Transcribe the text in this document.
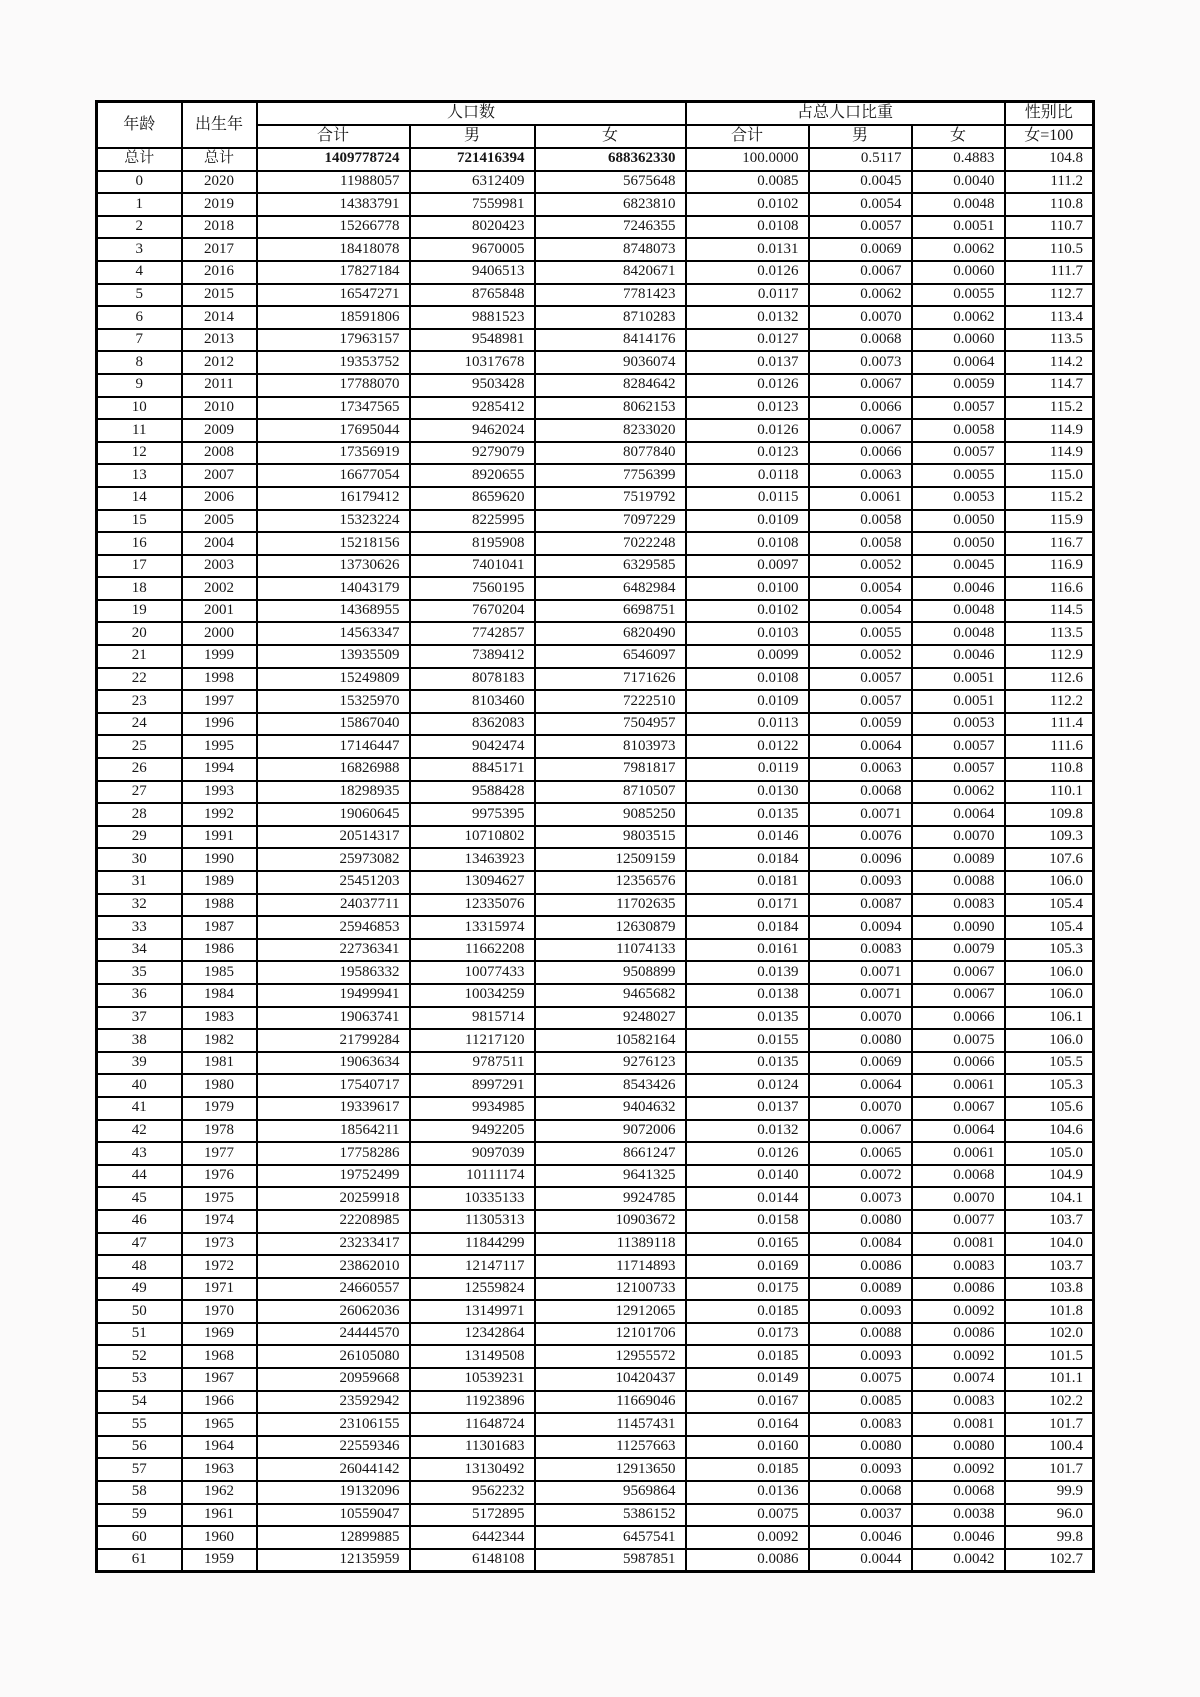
年龄	出生年	人口数			占总人口比重			性别比
		合计	男	女	合计	男	女	女=100
总计	总计	1409778724	721416394	688362330	100.0000	0.5117	0.4883	104.8
0	2020	11988057	6312409	5675648	0.0085	0.0045	0.0040	111.2
1	2019	14383791	7559981	6823810	0.0102	0.0054	0.0048	110.8
2	2018	15266778	8020423	7246355	0.0108	0.0057	0.0051	110.7
3	2017	18418078	9670005	8748073	0.0131	0.0069	0.0062	110.5
4	2016	17827184	9406513	8420671	0.0126	0.0067	0.0060	111.7
5	2015	16547271	8765848	7781423	0.0117	0.0062	0.0055	112.7
6	2014	18591806	9881523	8710283	0.0132	0.0070	0.0062	113.4
7	2013	17963157	9548981	8414176	0.0127	0.0068	0.0060	113.5
8	2012	19353752	10317678	9036074	0.0137	0.0073	0.0064	114.2
9	2011	17788070	9503428	8284642	0.0126	0.0067	0.0059	114.7
10	2010	17347565	9285412	8062153	0.0123	0.0066	0.0057	115.2
11	2009	17695044	9462024	8233020	0.0126	0.0067	0.0058	114.9
12	2008	17356919	9279079	8077840	0.0123	0.0066	0.0057	114.9
13	2007	16677054	8920655	7756399	0.0118	0.0063	0.0055	115.0
14	2006	16179412	8659620	7519792	0.0115	0.0061	0.0053	115.2
15	2005	15323224	8225995	7097229	0.0109	0.0058	0.0050	115.9
16	2004	15218156	8195908	7022248	0.0108	0.0058	0.0050	116.7
17	2003	13730626	7401041	6329585	0.0097	0.0052	0.0045	116.9
18	2002	14043179	7560195	6482984	0.0100	0.0054	0.0046	116.6
19	2001	14368955	7670204	6698751	0.0102	0.0054	0.0048	114.5
20	2000	14563347	7742857	6820490	0.0103	0.0055	0.0048	113.5
21	1999	13935509	7389412	6546097	0.0099	0.0052	0.0046	112.9
22	1998	15249809	8078183	7171626	0.0108	0.0057	0.0051	112.6
23	1997	15325970	8103460	7222510	0.0109	0.0057	0.0051	112.2
24	1996	15867040	8362083	7504957	0.0113	0.0059	0.0053	111.4
25	1995	17146447	9042474	8103973	0.0122	0.0064	0.0057	111.6
26	1994	16826988	8845171	7981817	0.0119	0.0063	0.0057	110.8
27	1993	18298935	9588428	8710507	0.0130	0.0068	0.0062	110.1
28	1992	19060645	9975395	9085250	0.0135	0.0071	0.0064	109.8
29	1991	20514317	10710802	9803515	0.0146	0.0076	0.0070	109.3
30	1990	25973082	13463923	12509159	0.0184	0.0096	0.0089	107.6
31	1989	25451203	13094627	12356576	0.0181	0.0093	0.0088	106.0
32	1988	24037711	12335076	11702635	0.0171	0.0087	0.0083	105.4
33	1987	25946853	13315974	12630879	0.0184	0.0094	0.0090	105.4
34	1986	22736341	11662208	11074133	0.0161	0.0083	0.0079	105.3
35	1985	19586332	10077433	9508899	0.0139	0.0071	0.0067	106.0
36	1984	19499941	10034259	9465682	0.0138	0.0071	0.0067	106.0
37	1983	19063741	9815714	9248027	0.0135	0.0070	0.0066	106.1
38	1982	21799284	11217120	10582164	0.0155	0.0080	0.0075	106.0
39	1981	19063634	9787511	9276123	0.0135	0.0069	0.0066	105.5
40	1980	17540717	8997291	8543426	0.0124	0.0064	0.0061	105.3
41	1979	19339617	9934985	9404632	0.0137	0.0070	0.0067	105.6
42	1978	18564211	9492205	9072006	0.0132	0.0067	0.0064	104.6
43	1977	17758286	9097039	8661247	0.0126	0.0065	0.0061	105.0
44	1976	19752499	10111174	9641325	0.0140	0.0072	0.0068	104.9
45	1975	20259918	10335133	9924785	0.0144	0.0073	0.0070	104.1
46	1974	22208985	11305313	10903672	0.0158	0.0080	0.0077	103.7
47	1973	23233417	11844299	11389118	0.0165	0.0084	0.0081	104.0
48	1972	23862010	12147117	11714893	0.0169	0.0086	0.0083	103.7
49	1971	24660557	12559824	12100733	0.0175	0.0089	0.0086	103.8
50	1970	26062036	13149971	12912065	0.0185	0.0093	0.0092	101.8
51	1969	24444570	12342864	12101706	0.0173	0.0088	0.0086	102.0
52	1968	26105080	13149508	12955572	0.0185	0.0093	0.0092	101.5
53	1967	20959668	10539231	10420437	0.0149	0.0075	0.0074	101.1
54	1966	23592942	11923896	11669046	0.0167	0.0085	0.0083	102.2
55	1965	23106155	11648724	11457431	0.0164	0.0083	0.0081	101.7
56	1964	22559346	11301683	11257663	0.0160	0.0080	0.0080	100.4
57	1963	26044142	13130492	12913650	0.0185	0.0093	0.0092	101.7
58	1962	19132096	9562232	9569864	0.0136	0.0068	0.0068	99.9
59	1961	10559047	5172895	5386152	0.0075	0.0037	0.0038	96.0
60	1960	12899885	6442344	6457541	0.0092	0.0046	0.0046	99.8
61	1959	12135959	6148108	5987851	0.0086	0.0044	0.0042	102.7
